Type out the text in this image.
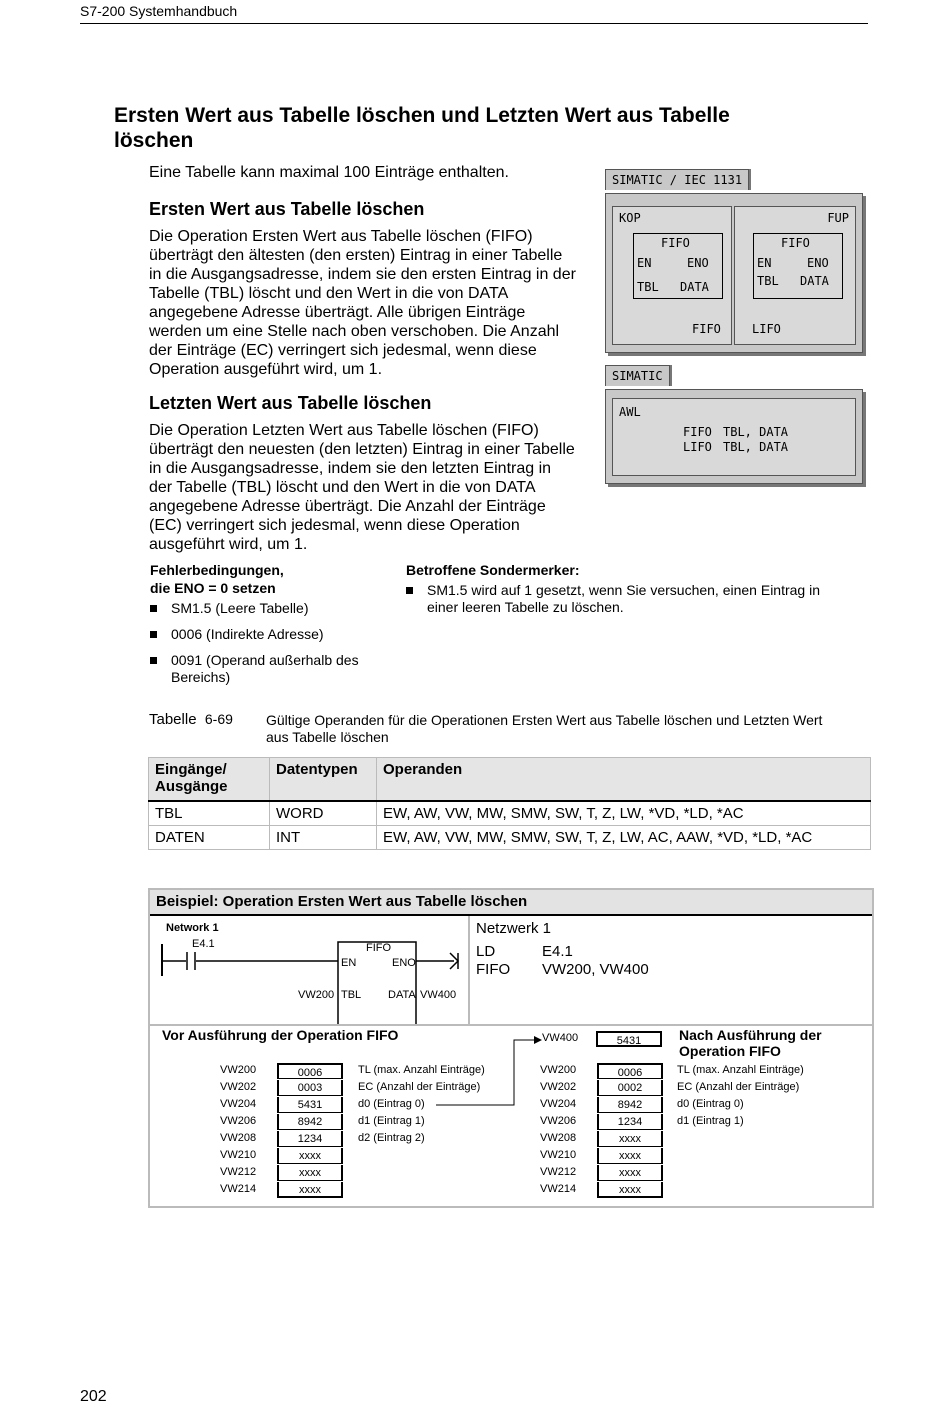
S7-200 Systemhandbuch
Ersten Wert aus Tabelle löschen und Letzten Wert aus Tabelle löschen
Eine Tabelle kann maximal 100 Einträge enthalten.
Ersten Wert aus Tabelle löschen
Die Operation Ersten Wert aus Tabelle löschen (FIFO)
überträgt den ältesten (den ersten) Eintrag in einer Tabelle
in die Ausgangsadresse, indem sie den ersten Eintrag in der
Tabelle (TBL) löscht und den Wert in die von DATA
angegebene Adresse überträgt. Alle übrigen Einträge
werden um eine Stelle nach oben verschoben. Die Anzahl
der Einträge (EC) verringert sich jedesmal, wenn diese
Operation ausgeführt wird, um 1.
Letzten Wert aus Tabelle löschen
Die Operation Letzten Wert aus Tabelle löschen (FIFO)
überträgt den neuesten (den letzten) Eintrag in einer Tabelle
in die Ausgangsadresse, indem sie den letzten Eintrag in
der Tabelle (TBL) löscht und den Wert in die von DATA
angegebene Adresse überträgt. Die Anzahl der Einträge
(EC) verringert sich jedesmal, wenn diese Operation
ausgeführt wird, um 1.
SIMATIC / IEC 1131
KOP
FIFO
EN	ENO
TBL DATA
FUP
FIFO
EN	ENO
TBL DATA
FIFO	LIFO
SIMATIC
AWL
FIFO TBL, DATA
LIFO TBL, DATA
Fehlerbedingungen,
die ENO = 0 setzen
SM1.5 (Leere Tabelle)
0006 (Indirekte Adresse)
0091 (Operand außerhalb des
Bereichs)
Betroffene Sondermerker:
SM1.5 wird auf 1 gesetzt, wenn Sie versuchen, einen Eintrag in
einer leeren Tabelle zu löschen.
Tabelle 6-69 Gültige Operanden für die Operationen Ersten Wert aus Tabelle löschen und Letzten Wert
aus Tabelle löschen
Eingänge/
Ausgänge	Datentypen	Operanden
TBL	WORD	EW, AW, VW, MW, SMW, SW, T, Z, LW, *VD, *LD, *AC
DATEN	INT	EW, AW, VW, MW, SMW, SW, T, Z, LW, AC, AAW, *VD, *LD, *AC
Beispiel: Operation Ersten Wert aus Tabelle löschen
Network 1
E4.1	FIFO
EN	ENO
TBL DATA
VW200	VW400
Netzwerk 1
LD	E4.1
FIFO VW200, VW400
Vor Ausführung der Operation FIFO	Nach Ausführung der
Operation FIFO
VW400	5431
VW200	0006	TL (max. Anzahl Einträge)	VW200	0006	TL (max. Anzahl Einträge)
VW202	0003	EC (Anzahl der Einträge)	VW202	0002	EC (Anzahl der Einträge)
VW204	5431	d0 (Eintrag 0)	VW204	8942	d0 (Eintrag 0)
VW206	8942	d1 (Eintrag 1)	VW206	1234	d1 (Eintrag 1)
VW208	1234	d2 (Eintrag 2)	VW208	xxxx
VW210	xxxx	VW210	xxxx
VW212	xxxx	VW212	xxxx
VW214	xxxx	VW214	xxxx
202
